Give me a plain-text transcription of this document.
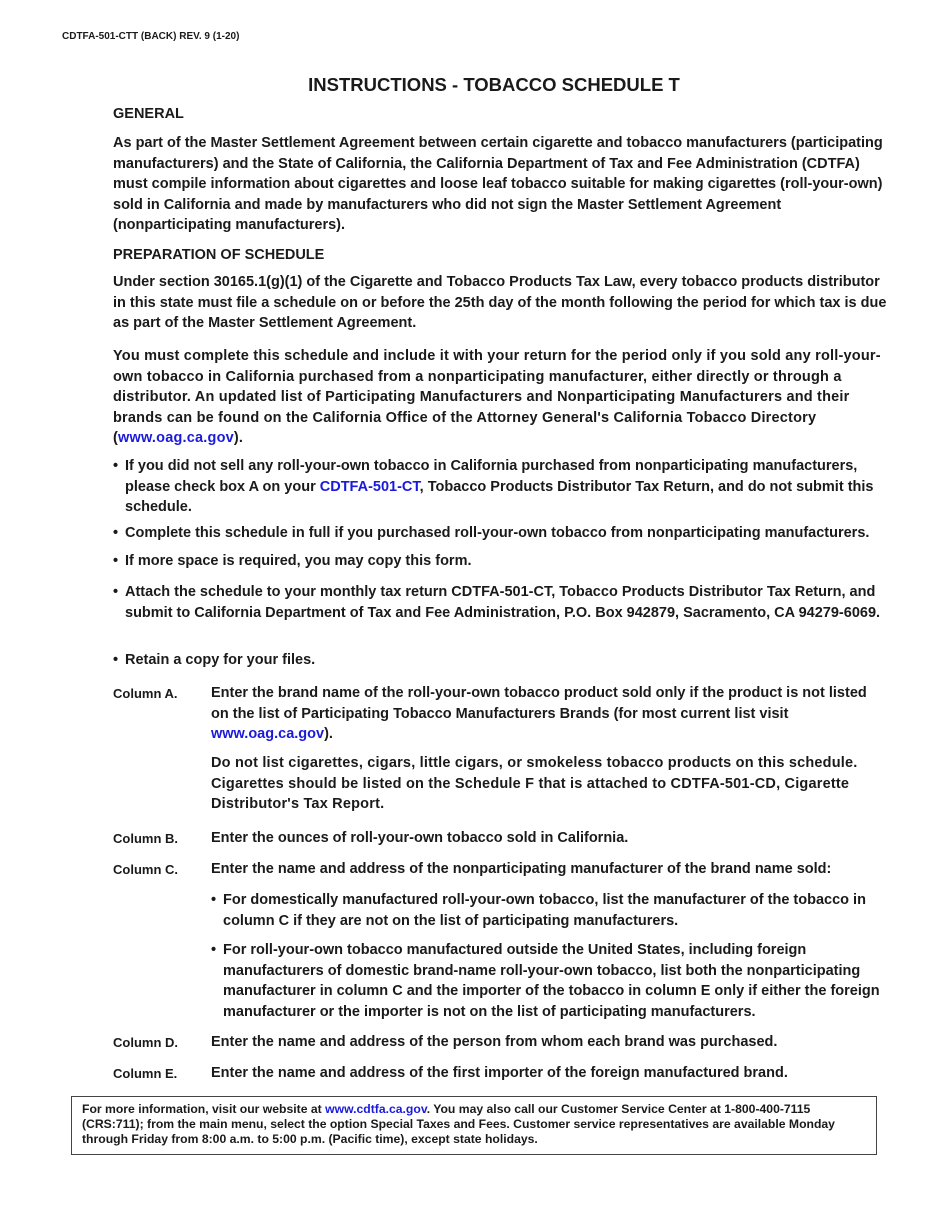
CDTFA-501-CTT (BACK) REV. 9 (1-20)
INSTRUCTIONS - TOBACCO SCHEDULE T
GENERAL
As part of the Master Settlement Agreement between certain cigarette and tobacco manufacturers (participating manufacturers) and the State of California, the California Department of Tax and Fee Administration (CDTFA) must compile information about cigarettes and loose leaf tobacco suitable for making cigarettes (roll-your-own) sold in California and made by manufacturers who did not sign the Master Settlement Agreement (nonparticipating manufacturers).
PREPARATION OF SCHEDULE
Under section 30165.1(g)(1) of the Cigarette and Tobacco Products Tax Law, every tobacco products distributor in this state must file a schedule on or before the 25th day of the month following the period for which tax is due as part of the Master Settlement Agreement.
You must complete this schedule and include it with your return for the period only if you sold any roll-your-own tobacco in California purchased from a nonparticipating manufacturer, either directly or through a distributor. An updated list of Participating Manufacturers and Nonparticipating Manufacturers and their brands can be found on the California Office of the Attorney General's California Tobacco Directory (www.oag.ca.gov).
• If you did not sell any roll-your-own tobacco in California purchased from nonparticipating manufacturers, please check box A on your CDTFA-501-CT, Tobacco Products Distributor Tax Return, and do not submit this schedule.
• Complete this schedule in full if you purchased roll-your-own tobacco from nonparticipating manufacturers.
• If more space is required, you may copy this form.
• Attach the schedule to your monthly tax return CDTFA-501-CT, Tobacco Products Distributor Tax Return, and submit to California Department of Tax and Fee Administration, P.O. Box 942879, Sacramento, CA 94279-6069.
• Retain a copy for your files.
Column A. Enter the brand name of the roll-your-own tobacco product sold only if the product is not listed on the list of Participating Tobacco Manufacturers Brands (for most current list visit www.oag.ca.gov).
Do not list cigarettes, cigars, little cigars, or smokeless tobacco products on this schedule. Cigarettes should be listed on the Schedule F that is attached to CDTFA-501-CD, Cigarette Distributor's Tax Report.
Column B. Enter the ounces of roll-your-own tobacco sold in California.
Column C. Enter the name and address of the nonparticipating manufacturer of the brand name sold:
• For domestically manufactured roll-your-own tobacco, list the manufacturer of the tobacco in column C if they are not on the list of participating manufacturers.
• For roll-your-own tobacco manufactured outside the United States, including foreign manufacturers of domestic brand-name roll-your-own tobacco, list both the nonparticipating manufacturer in column C and the importer of the tobacco in column E only if either the foreign manufacturer or the importer is not on the list of participating manufacturers.
Column D. Enter the name and address of the person from whom each brand was purchased.
Column E. Enter the name and address of the first importer of the foreign manufactured brand.
For more information, visit our website at www.cdtfa.ca.gov. You may also call our Customer Service Center at 1-800-400-7115 (CRS:711); from the main menu, select the option Special Taxes and Fees. Customer service representatives are available Monday through Friday from 8:00 a.m. to 5:00 p.m. (Pacific time), except state holidays.
